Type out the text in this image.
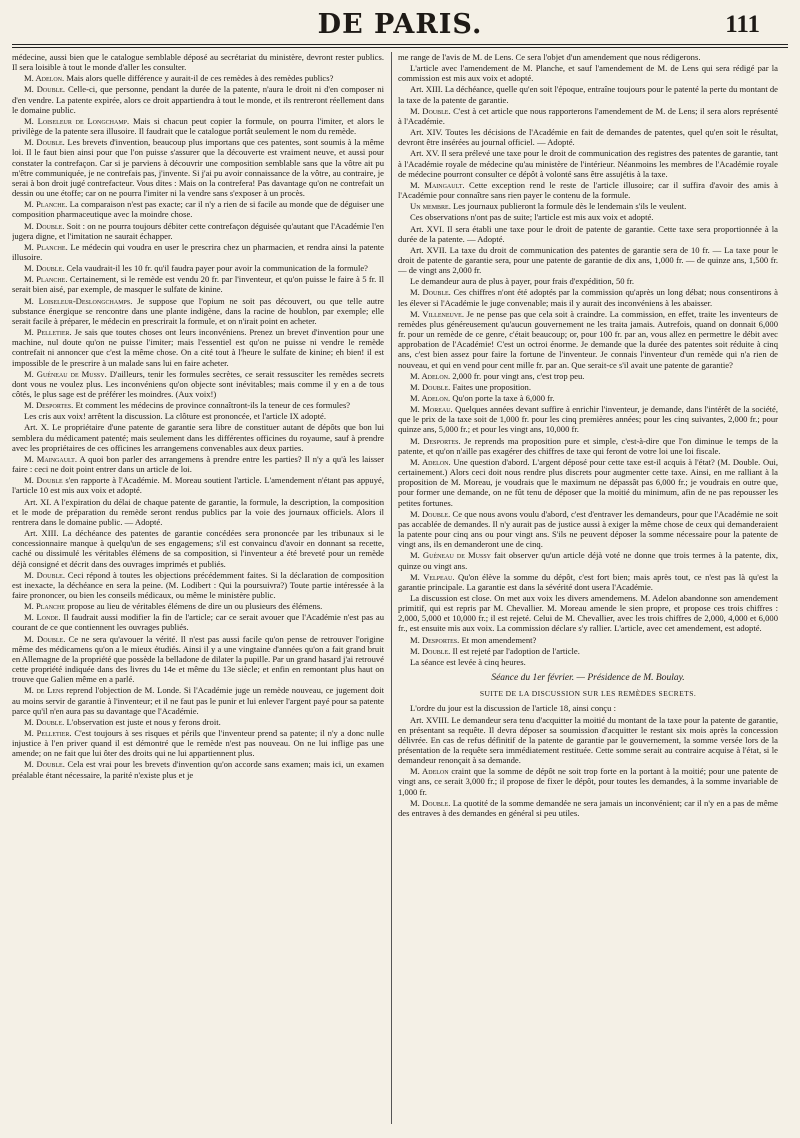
DE PARIS.	111

médecine, aussi bien que le catalogue semblable déposé au secrétariat du ministère, devront rester publics. Il sera loisible à tout le monde d'aller les consulter.

M. Adelon. Mais alors quelle différence y aurait-il de ces remèdes à des remèdes publics?

M. Double. Celle-ci, que personne, pendant la durée de la patente, n'aura le droit ni d'en composer ni d'en vendre. La patente expirée, alors ce droit appartiendra à tout le monde, et ils rentreront réellement dans le domaine public.

M. Loiseleur de Longchamp. Mais si chacun peut copier la formule, on pourra l'imiter, et alors le privilège de la patente sera illusoire. Il faudrait que le catalogue portât seulement le nom du remède.

M. Double. Les brevets d'invention, beaucoup plus importans que ces patentes, sont soumis à la même loi. Il le faut bien ainsi pour que l'on puisse s'assurer que la découverte est vraiment neuve, et aussi pour constater la contrefaçon. Car si je parviens à découvrir une composition semblable sans que la vôtre ait pu m'être communiquée, je ne contrefais pas, j'invente. Si j'ai pu avoir connaissance de la vôtre, au contraire, je serai à bon droit jugé contrefacteur. Vous dites : Mais on la contrefera! Pas davantage qu'on ne contrefait un dessin ou une étoffe; car on ne pourra l'imiter ni la vendre sans s'exposer à un procès.

M. Planche. La comparaison n'est pas exacte; car il n'y a rien de si facile au monde que de déguiser une composition pharmaceutique avec la moindre chose.

M. Double. Soit : on ne pourra toujours débiter cette contrefaçon déguisée qu'autant que l'Académie l'en jugera digne, et l'imitation ne saurait échapper.

M. Planche. Le médecin qui voudra en user le prescrira chez un pharmacien, et rendra ainsi la patente illusoire.

M. Double. Cela vaudrait-il les 10 fr. qu'il faudra payer pour avoir la communication de la formule?

M. Planche. Certainement, si le remède est vendu 20 fr. par l'inventeur, et qu'on puisse le faire à 5 fr. Il serait bien aisé, par exemple, de masquer le sulfate de kinine.

M. Loiseleur-Deslongchamps. Je suppose que l'opium ne soit pas découvert, ou que telle autre substance énergique se rencontre dans une plante indigène, dans la racine de houblon, par exemple; elle serait facile à préparer, le médecin en prescrirait la formule, et on n'irait point en acheter.

M. Pelletier. Je sais que toutes choses ont leurs inconvéniens. Prenez un brevet d'invention pour une machine, nul doute qu'on ne puisse l'imiter; mais l'essentiel est qu'on ne puisse ni vendre le remède contrefait ni annoncer que c'est la même chose. On a cité tout à l'heure le sulfate de kinine; eh bien! il est impossible de le prescrire à un malade sans lui en faire acheter.

M. Guéneau de Mussy. D'ailleurs, tenir les formules secrètes, ce serait ressusciter les remèdes secrets dont vous ne voulez plus. Les inconvéniens qu'on objecte sont inévitables; mais comme il y en a de tous côtés, le plus sage est de préférer les moindres. (Aux voix!)

M. Desportes. Et comment les médecins de province connaîtront-ils la teneur de ces formules?

Les cris aux voix! arrêtent la discussion. La clôture est prononcée, et l'article IX adopté.

Art. X. Le propriétaire d'une patente de garantie sera libre de constituer autant de dépôts que bon lui semblera du médicament patenté; mais seulement dans les différentes officines du royaume, sauf à prendre avec les propriétaires de ces officines les arrangemens convenables aux deux parties.

M. Maingault. A quoi bon parler des arrangemens à prendre entre les parties? Il n'y a qu'à les laisser faire : ceci ne doit point entrer dans un article de loi.

M. Double s'en rapporte à l'Académie. M. Moreau soutient l'article. L'amendement n'étant pas appuyé, l'article 10 est mis aux voix et adopté.

Art. XI. A l'expiration du délai de chaque patente de garantie, la formule, la description, la composition et le mode de préparation du remède seront rendus publics par la voie des journaux officiels. Alors il rentrera dans le domaine public. — Adopté.

Art. XIII. La déchéance des patentes de garantie concédées sera prononcée par les tribunaux si le concessionnaire manque à quelqu'un de ses engagemens; s'il est convaincu d'avoir en donnant sa recette, caché ou dissimulé les véritables élémens de sa composition, si l'inventeur a été breveté pour un remède déjà consigné et décrit dans des ouvrages imprimés et publiés.

M. Double. Ceci répond à toutes les objections précédemment faites. Si la déclaration de composition est inexacte, la déchéance en sera la peine. (M. Lodibert : Qui la poursuivra?) Toute partie intéressée à la faire prononcer, ou bien les conseils médicaux, ou même le ministère public.

M. Planche propose au lieu de véritables élémens de dire un ou plusieurs des élémens.

M. Londe. Il faudrait aussi modifier la fin de l'article; car ce serait avouer que l'Académie n'est pas au courant de ce que contiennent les ouvrages publiés.

M. Double. Ce ne sera qu'avouer la vérité. Il n'est pas aussi facile qu'on pense de retrouver l'origine même des médicamens qu'on a le mieux étudiés. Ainsi il y a une vingtaine d'années qu'on a fait grand bruit en Allemagne de la propriété que possède la belladone de dilater la pupille. Par un grand hasard j'ai retrouvé cette propriété indiquée dans des livres du 14e et même du 13e siècle; et enfin en remontant plus haut on trouve que Galien même en a parlé.

M. de Lens reprend l'objection de M. Londe. Si l'Académie juge un remède nouveau, ce jugement doit au moins servir de garantie à l'inventeur; et il ne faut pas le punir et lui enlever l'argent payé pour sa patente parce qu'il n'en aura pas su davantage que l'Académie.

M. Double. L'observation est juste et nous y ferons droit.

M. Pelletier. C'est toujours à ses risques et périls que l'inventeur prend sa patente; il n'y a donc nulle injustice à l'en priver quand il est démontré que le remède n'est pas nouveau. On ne lui inflige pas une amende; on ne fait que lui ôter des droits qui ne lui appartiennent plus.

M. Double. Cela est vrai pour les brevets d'invention qu'on accorde sans examen; mais ici, un examen préalable étant nécessaire, la parité n'existe plus et je

me range de l'avis de M. de Lens. Ce sera l'objet d'un amendement que nous rédigerons.

L'article avec l'amendement de M. Planche, et sauf l'amendement de M. de Lens qui sera rédigé par la commission est mis aux voix et adopté.

Art. XIII. La déchéance, quelle qu'en soit l'époque, entraîne toujours pour le patenté la perte du montant de la taxe de la patente de garantie.

M. Double. C'est à cet article que nous rapporterons l'amendement de M. de Lens; il sera alors représenté à l'Académie.

Art. XIV. Toutes les décisions de l'Académie en fait de demandes de patentes, quel qu'en soit le résultat, devront être insérées au journal officiel. — Adopté.

Art. XV. Il sera prélevé une taxe pour le droit de communication des registres des patentes de garantie, tant à l'Académie royale de médecine qu'au ministère de l'intérieur. Néanmoins les membres de l'Académie royale de médecine pourront consulter ce dépôt à volonté sans être assujétis à la taxe.

M. Maingault. Cette exception rend le reste de l'article illusoire; car il suffira d'avoir des amis à l'Académie pour connaître sans rien payer le contenu de la formule.

Un membre. Les journaux publieront la formule dès le lendemain s'ils le veulent.

Ces observations n'ont pas de suite; l'article est mis aux voix et adopté.

Art. XVI. Il sera établi une taxe pour le droit de patente de garantie. Cette taxe sera proportionnée à la durée de la patente. — Adopté.

Art. XVII. La taxe du droit de communication des patentes de garantie sera de 10 fr. — La taxe pour le droit de patente de garantie sera, pour une patente de garantie de dix ans, 1,000 fr. — de quinze ans, 1,500 fr. — de vingt ans 2,000 fr.

Le demandeur aura de plus à payer, pour frais d'expédition, 50 fr.

M. Double. Ces chiffres n'ont été adoptés par la commission qu'après un long débat; nous consentirons à les élever si l'Académie le juge convenable; mais il y aurait des inconvéniens à les abaisser.

M. Villeneuve. Je ne pense pas que cela soit à craindre. La commission, en effet, traite les inventeurs de remèdes plus généreusement qu'aucun gouvernement ne les traita jamais. Autrefois, quand on donnait 6,000 fr. pour un remède de ce genre, c'était beaucoup; or, pour 100 fr. par an, vous allez en permettre le débit avec approbation de l'Académie! C'est un octroi énorme. Je demande que la durée des patentes soit réduite à cinq ans, c'est bien assez pour faire la fortune de l'inventeur. Je connais l'inventeur d'un remède qui n'a rien de nouveau, et qui en vend pour cent mille fr. par an. Que serait-ce s'il avait une patente de garantie?

M. Adelon. 2,000 fr. pour vingt ans, c'est trop peu.

M. Double. Faites une proposition.

M. Adelon. Qu'on porte la taxe à 6,000 fr.

M. Moreau. Quelques années devant suffire à enrichir l'inventeur, je demande, dans l'intérêt de la société, que le prix de la taxe soit de 1,000 fr. pour les cinq premières années; pour les cinq suivantes, 2,000 fr.; pour quinze ans, 5,000 fr.; et pour les vingt ans, 10,000 fr.

M. Desportes. Je reprends ma proposition pure et simple, c'est-à-dire que l'on diminue le temps de la patente, et qu'on n'aille pas exagérer des chiffres de taxe qui feront de votre loi une loi fiscale.

M. Adelon. Une question d'abord. L'argent déposé pour cette taxe est-il acquis à l'état? (M. Double. Oui, certainement.) Alors ceci doit nous rendre plus discrets pour augmenter cette taxe. Ainsi, en me ralliant à la proposition de M. Moreau, je voudrais que le maximum ne dépassât pas 6,000 fr.; je voudrais en outre que, pour former une demande, on ne fût tenu de déposer que la moitié du minimum, afin de ne pas repousser les petites fortunes.

M. Double. Ce que nous avons voulu d'abord, c'est d'entraver les demandeurs, pour que l'Académie ne soit pas accablée de demandes. Il n'y aurait pas de justice aussi à exiger la même chose de ceux qui demanderaient la patente pour cinq ans ou pour vingt ans. S'ils ne peuvent déposer la somme nécessaire pour la patente de vingt ans, ils en demanderont une de cinq.

M. Guéneau de Mussy fait observer qu'un article déjà voté ne donne que trois termes à la patente, dix, quinze ou vingt ans.

M. Velpeau. Qu'on élève la somme du dépôt, c'est fort bien; mais après tout, ce n'est pas là qu'est la garantie principale. La garantie est dans la sévérité dont usera l'Académie.

La discussion est close. On met aux voix les divers amendemens. M. Adelon abandonne son amendement primitif, qui est repris par M. Chevallier. M. Moreau amende le sien propre, et propose ces trois chiffres : 2,000, 5,000 et 10,000 fr.; il est rejeté. Celui de M. Chevallier, avec les trois chiffres de 2,000, 4,000 et 6,000 fr., est ensuite mis aux voix. La commission déclare s'y rallier. L'article, avec cet amendement, est adopté.

M. Desportes. Et mon amendement?

M. Double. Il est rejeté par l'adoption de l'article.

La séance est levée à cinq heures.

Séance du 1er février. — Présidence de M. Boulay.

SUITE DE LA DISCUSSION SUR LES REMÈDES SECRETS.

L'ordre du jour est la discussion de l'article 18, ainsi conçu :

Art. XVIII. Le demandeur sera tenu d'acquitter la moitié du montant de la taxe pour la patente de garantie, en présentant sa requête. Il devra déposer sa soumission d'acquitter le restant six mois après la concession délivrée. En cas de refus définitif de la patente de garantie par le gouvernement, la somme versée lors de la présentation de la requête sera immédiatement restituée. Cette somme serait au contraire acquise à l'état, si le demandeur renonçait à sa demande.

M. Adelon craint que la somme de dépôt ne soit trop forte en la portant à la moitié; pour une patente de vingt ans, ce serait 3,000 fr.; il propose de fixer le dépôt, pour toutes les demandes, à la somme invariable de 1,000 fr.

M. Double. La quotité de la somme demandée ne sera jamais un inconvénient; car il n'y en a pas de même des entraves à des demandes en général si peu utiles.
